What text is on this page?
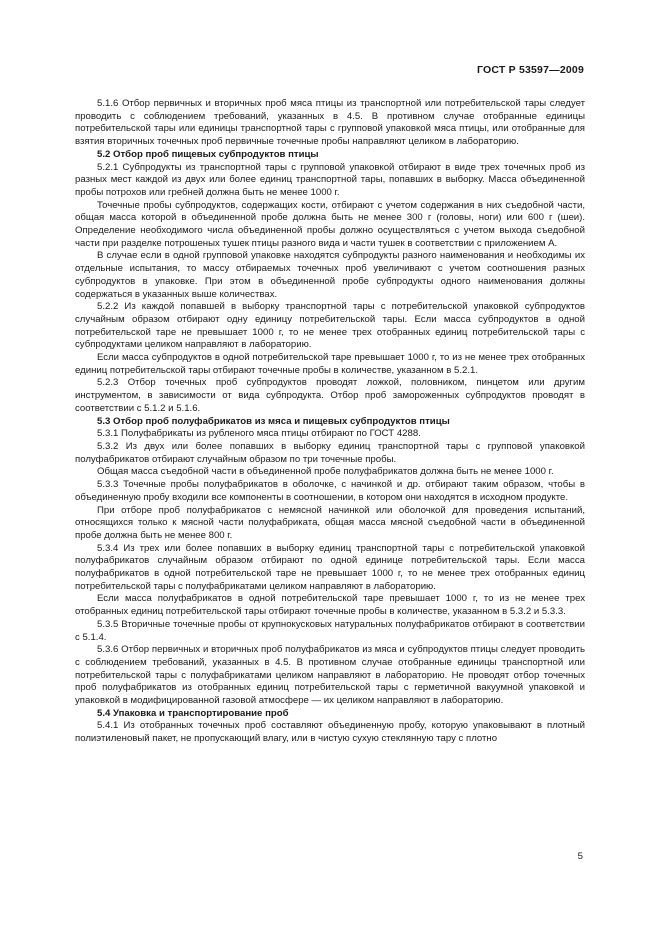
ГОСТ Р 53597—2009

5.1.6 Отбор первичных и вторичных проб мяса птицы из транспортной или потребительской тары следует проводить с соблюдением требований, указанных в 4.5. В противном случае отобранные единицы потребительской тары или единицы транспортной тары с групповой упаковкой мяса птицы, или отобранные для взятия вторичных точечных проб первичные точечные пробы направляют целиком в лабораторию.

5.2 Отбор проб пищевых субпродуктов птицы

5.2.1 Субпродукты из транспортной тары с групповой упаковкой отбирают в виде трех точечных проб из разных мест каждой из двух или более единиц транспортной тары, попавших в выборку. Масса объединенной пробы потрохов или гребней должна быть не менее 1000 г.

Точечные пробы субпродуктов, содержащих кости, отбирают с учетом содержания в них съедобной части, общая масса которой в объединенной пробе должна быть не менее 300 г (головы, ноги) или 600 г (шеи). Определение необходимого числа объединенной пробы должно осуществляться с учетом выхода съедобной части при разделке потрошеных тушек птицы разного вида и части тушек в соответствии с приложением А.

В случае если в одной групповой упаковке находятся субпродукты разного наименования и необходимы их отдельные испытания, то массу отбираемых точечных проб увеличивают с учетом соотношения разных субпродуктов в упаковке. При этом в объединенной пробе субпродукты одного наименования должны содержаться в указанных выше количествах.

5.2.2 Из каждой попавшей в выборку транспортной тары с потребительской упаковкой субпродуктов случайным образом отбирают одну единицу потребительской тары. Если масса субпродуктов в одной потребительской таре не превышает 1000 г, то не менее трех отобранных единиц потребительской тары с субпродуктами целиком направляют в лабораторию.

Если масса субпродуктов в одной потребительской таре превышает 1000 г, то из не менее трех отобранных единиц потребительской тары отбирают точечные пробы в количестве, указанном в 5.2.1.

5.2.3 Отбор точечных проб субпродуктов проводят ложкой, половником, пинцетом или другим инструментом, в зависимости от вида субпродукта. Отбор проб замороженных субпродуктов проводят в соответствии с 5.1.2 и 5.1.6.

5.3 Отбор проб полуфабрикатов из мяса и пищевых субпродуктов птицы

5.3.1 Полуфабрикаты из рубленого мяса птицы отбирают по ГОСТ 4288.

5.3.2 Из двух или более попавших в выборку единиц транспортной тары с групповой упаковкой полуфабрикатов отбирают случайным образом по три точечные пробы.

Общая масса съедобной части в объединенной пробе полуфабрикатов должна быть не менее 1000 г.

5.3.3 Точечные пробы полуфабрикатов в оболочке, с начинкой и др. отбирают таким образом, чтобы в объединенную пробу входили все компоненты в соотношении, в котором они находятся в исходном продукте.

При отборе проб полуфабрикатов с немясной начинкой или оболочкой для проведения испытаний, относящихся только к мясной части полуфабриката, общая масса мясной съедобной части в объединенной пробе должна быть не менее 800 г.

5.3.4 Из трех или более попавших в выборку единиц транспортной тары с потребительской упаковкой полуфабрикатов случайным образом отбирают по одной единице потребительской тары. Если масса полуфабрикатов в одной потребительской таре не превышает 1000 г, то не менее трех отобранных единиц потребительской тары с полуфабрикатами целиком направляют в лабораторию.

Если масса полуфабрикатов в одной потребительской таре превышает 1000 г, то из не менее трех отобранных единиц потребительской тары отбирают точечные пробы в количестве, указанном в 5.3.2 и 5.3.3.

5.3.5 Вторичные точечные пробы от крупнокусковых натуральных полуфабрикатов отбирают в соответствии с 5.1.4.

5.3.6 Отбор первичных и вторичных проб полуфабрикатов из мяса и субпродуктов птицы следует проводить с соблюдением требований, указанных в 4.5. В противном случае отобранные единицы транспортной или потребительской тары с полуфабрикатами целиком направляют в лабораторию. Не проводят отбор точечных проб полуфабрикатов из отобранных единиц потребительской тары с герметичной вакуумной упаковкой и упаковкой в модифицированной газовой атмосфере — их целиком направляют в лабораторию.

5.4 Упаковка и транспортирование проб

5.4.1 Из отобранных точечных проб составляют объединенную пробу, которую упаковывают в плотный полиэтиленовый пакет, не пропускающий влагу, или в чистую сухую стеклянную тару с плотно

5
